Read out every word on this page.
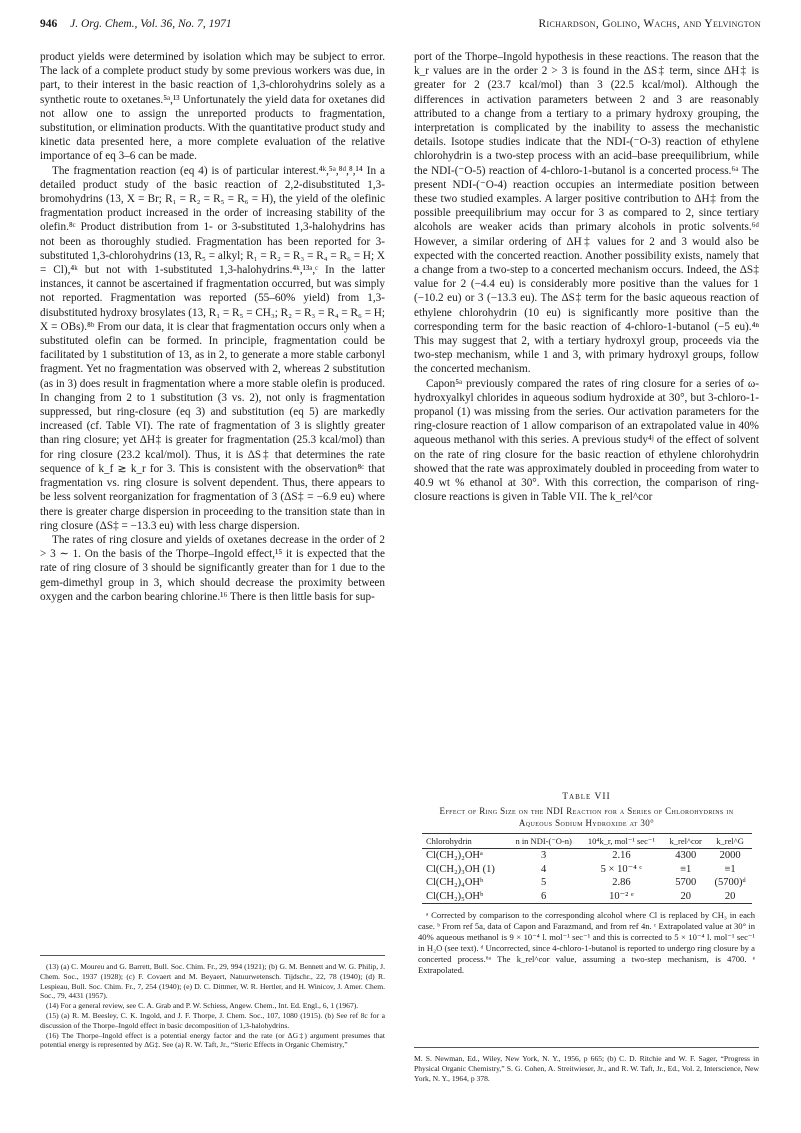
946 J. Org. Chem., Vol. 36, No. 7, 1971	Richardson, Golino, Wachs, and Yelvington

product yields were determined by isolation which may be subject to error. The lack of a complete product study by some previous workers was due, in part, to their interest in the basic reaction of 1,3-chlorohydrins solely as a synthetic route to oxetanes.⁵ᵃ,¹³ Unfortunately the yield data for oxetanes did not allow one to assign the unreported products to fragmentation, substitution, or elimination products. With the quantitative product study and kinetic data presented here, a more complete evaluation of the relative importance of eq 3–6 can be made.

The fragmentation reaction (eq 4) is of particular interest.⁴ᵏ,⁵ᵃ,⁸ᵈ,⁸,¹⁴ In a detailed product study of the basic reaction of 2,2-disubstituted 1,3-bromohydrins (13, X = Br; R₁ = R₂ = R₅ = R₆ = H), the yield of the olefinic fragmentation product increased in the order of increasing stability of the olefin.⁸ᶜ Product distribution from 1- or 3-substituted 1,3-halohydrins has not been as thoroughly studied. Fragmentation has been reported for 3-substituted 1,3-chlorohydrins (13, R₅ = alkyl; R₁ = R₂ = R₃ = R₄ = R₆ = H; X = Cl),⁴ᵏ but not with 1-substituted 1,3-halohydrins.⁴ᵏ,¹³ᵃ,ᶜ In the latter instances, it cannot be ascertained if fragmentation occurred, but was simply not reported. Fragmentation was reported (55–60% yield) from 1,3-disubstituted hydroxy brosylates (13, R₁ = R₅ = CH₃; R₂ = R₃ = R₄ = R₆ = H; X = OBs).⁸ᵇ From our data, it is clear that fragmentation occurs only when a substituted olefin can be formed. In principle, fragmentation could be facilitated by 1 substitution of 13, as in 2, to generate a more stable carbonyl fragment. Yet no fragmentation was observed with 2, whereas 2 substitution (as in 3) does result in fragmentation where a more stable olefin is produced. In changing from 2 to 1 substitution (3 vs. 2), not only is fragmentation suppressed, but ring-closure (eq 3) and substitution (eq 5) are markedly increased (cf. Table VI). The rate of fragmentation of 3 is slightly greater than ring closure; yet ΔH‡ is greater for fragmentation (25.3 kcal/mol) than for ring closure (23.2 kcal/mol). Thus, it is ΔS‡ that determines the rate sequence of k_f ≳ k_r for 3. This is consistent with the observation⁸ᶜ that fragmentation vs. ring closure is solvent dependent. Thus, there appears to be less solvent reorganization for fragmentation of 3 (ΔS‡ = −6.9 eu) where there is greater charge dispersion in proceeding to the transition state than in ring closure (ΔS‡ = −13.3 eu) with less charge dispersion.

The rates of ring closure and yields of oxetanes decrease in the order of 2 > 3 ∼ 1. On the basis of the Thorpe–Ingold effect,¹⁵ it is expected that the rate of ring closure of 3 should be significantly greater than for 1 due to the gem-dimethyl group in 3, which should decrease the proximity between oxygen and the carbon bearing chlorine.¹⁶ There is then little basis for sup-

(13) (a) C. Moureu and G. Barrett, Bull. Soc. Chim. Fr., 29, 994 (1921); (b) G. M. Bennett and W. G. Philip, J. Chem. Soc., 1937 (1928); (c) F. Covaert and M. Beyaert, Natuurwetensch. Tijdschr., 22, 78 (1940); (d) R. Lespieau, Bull. Soc. Chim. Fr., 7, 254 (1940); (e) D. C. Dittmer, W. R. Hertler, and H. Winicov, J. Amer. Chem. Soc., 79, 4431 (1957).

(14) For a general review, see C. A. Grab and P. W. Schiess, Angew. Chem., Int. Ed. Engl., 6, 1 (1967).

(15) (a) R. M. Beesley, C. K. Ingold, and J. F. Thorpe, J. Chem. Soc., 107, 1080 (1915). (b) See ref 8c for a discussion of the Thorpe–Ingold effect in basic decomposition of 1,3-halohydrins.

(16) The Thorpe–Ingold effect is a potential energy factor and the rate (or ΔG‡) argument presumes that potential energy is represented by ΔG‡. See (a) R. W. Taft, Jr., “Steric Effects in Organic Chemistry,”

port of the Thorpe–Ingold hypothesis in these reactions. The reason that the k_r values are in the order 2 > 3 is found in the ΔS‡ term, since ΔH‡ is greater for 2 (23.7 kcal/mol) than 3 (22.5 kcal/mol). Although the differences in activation parameters between 2 and 3 are reasonably attributed to a change from a tertiary to a primary hydroxy grouping, the interpretation is complicated by the inability to assess the mechanistic details. Isotope studies indicate that the NDI-(⁻O-3) reaction of ethylene chlorohydrin is a two-step process with an acid–base preequilibrium, while the NDI-(⁻O-5) reaction of 4-chloro-1-butanol is a concerted process.⁶ᵃ The present NDI-(⁻O-4) reaction occupies an intermediate position between these two studied examples. A larger positive contribution to ΔH‡ from the possible preequilibrium may occur for 3 as compared to 2, since tertiary alcohols are weaker acids than primary alcohols in protic solvents.⁶ᵈ However, a similar ordering of ΔH‡ values for 2 and 3 would also be expected with the concerted reaction. Another possibility exists, namely that a change from a two-step to a concerted mechanism occurs. Indeed, the ΔS‡ value for 2 (−4.4 eu) is considerably more positive than the values for 1 (−10.2 eu) or 3 (−13.3 eu). The ΔS‡ term for the basic aqueous reaction of ethylene chlorohydrin (10 eu) is significantly more positive than the corresponding term for the basic reaction of 4-chloro-1-butanol (−5 eu).⁴ⁿ This may suggest that 2, with a tertiary hydroxyl group, proceeds via the two-step mechanism, while 1 and 3, with primary hydroxyl groups, follow the concerted mechanism.

Capon⁵ᵃ previously compared the rates of ring closure for a series of ω-hydroxyalkyl chlorides in aqueous sodium hydroxide at 30°, but 3-chloro-1-propanol (1) was missing from the series. Our activation parameters for the ring-closure reaction of 1 allow comparison of an extrapolated value in 40% aqueous methanol with this series. A previous study⁴ʲ of the effect of solvent on the rate of ring closure for the basic reaction of ethylene chlorohydrin showed that the rate was approximately doubled in proceeding from water to 40.9 wt % ethanol at 30°. With this correction, the comparison of ring-closure reactions is given in Table VII. The k_rel^cor

Table VII
Effect of Ring Size on the NDI Reaction for a Series of Chlorohydrins in Aqueous Sodium Hydroxide at 30°
Chlorohydrin	n in NDI-(⁻O-n)	10⁴k_r, mol⁻¹ sec⁻¹	k_rel^cor	k_rel^G
Cl(CH₂)₂OHᵃ	3	2.16	4300	2000
Cl(CH₂)₃OH (1)	4	5 × 10⁻⁴ ᶜ	≡1	≡1
Cl(CH₂)₄OHᵇ	5	2.86	5700	(5700)ᵈ
Cl(CH₂)₅OHᵇ	6	10⁻² ᵉ	20	20

ᵃ Corrected by comparison to the corresponding alcohol where Cl is replaced by CH₃ in each case. ᵇ From ref 5a, data of Capon and Farazmand, and from ref 4n. ᶜ Extrapolated value at 30° in 40% aqueous methanol is 9 × 10⁻⁴ l. mol⁻¹ sec⁻¹ and this is corrected to 5 × 10⁻⁴ l. mol⁻¹ sec⁻¹ in H₂O (see text). ᵈ Uncorrected, since 4-chloro-1-butanol is reported to undergo ring closure by a concerted process.⁶ᵃ The k_rel^cor value, assuming a two-step mechanism, is 4700. ᵉ Extrapolated.

M. S. Newman, Ed., Wiley, New York, N. Y., 1956, p 665; (b) C. D. Ritchie and W. F. Sager, “Progress in Physical Organic Chemistry,” S. G. Cohen, A. Streitwieser, Jr., and R. W. Taft, Jr., Ed., Vol. 2, Interscience, New York, N. Y., 1964, p 378.
